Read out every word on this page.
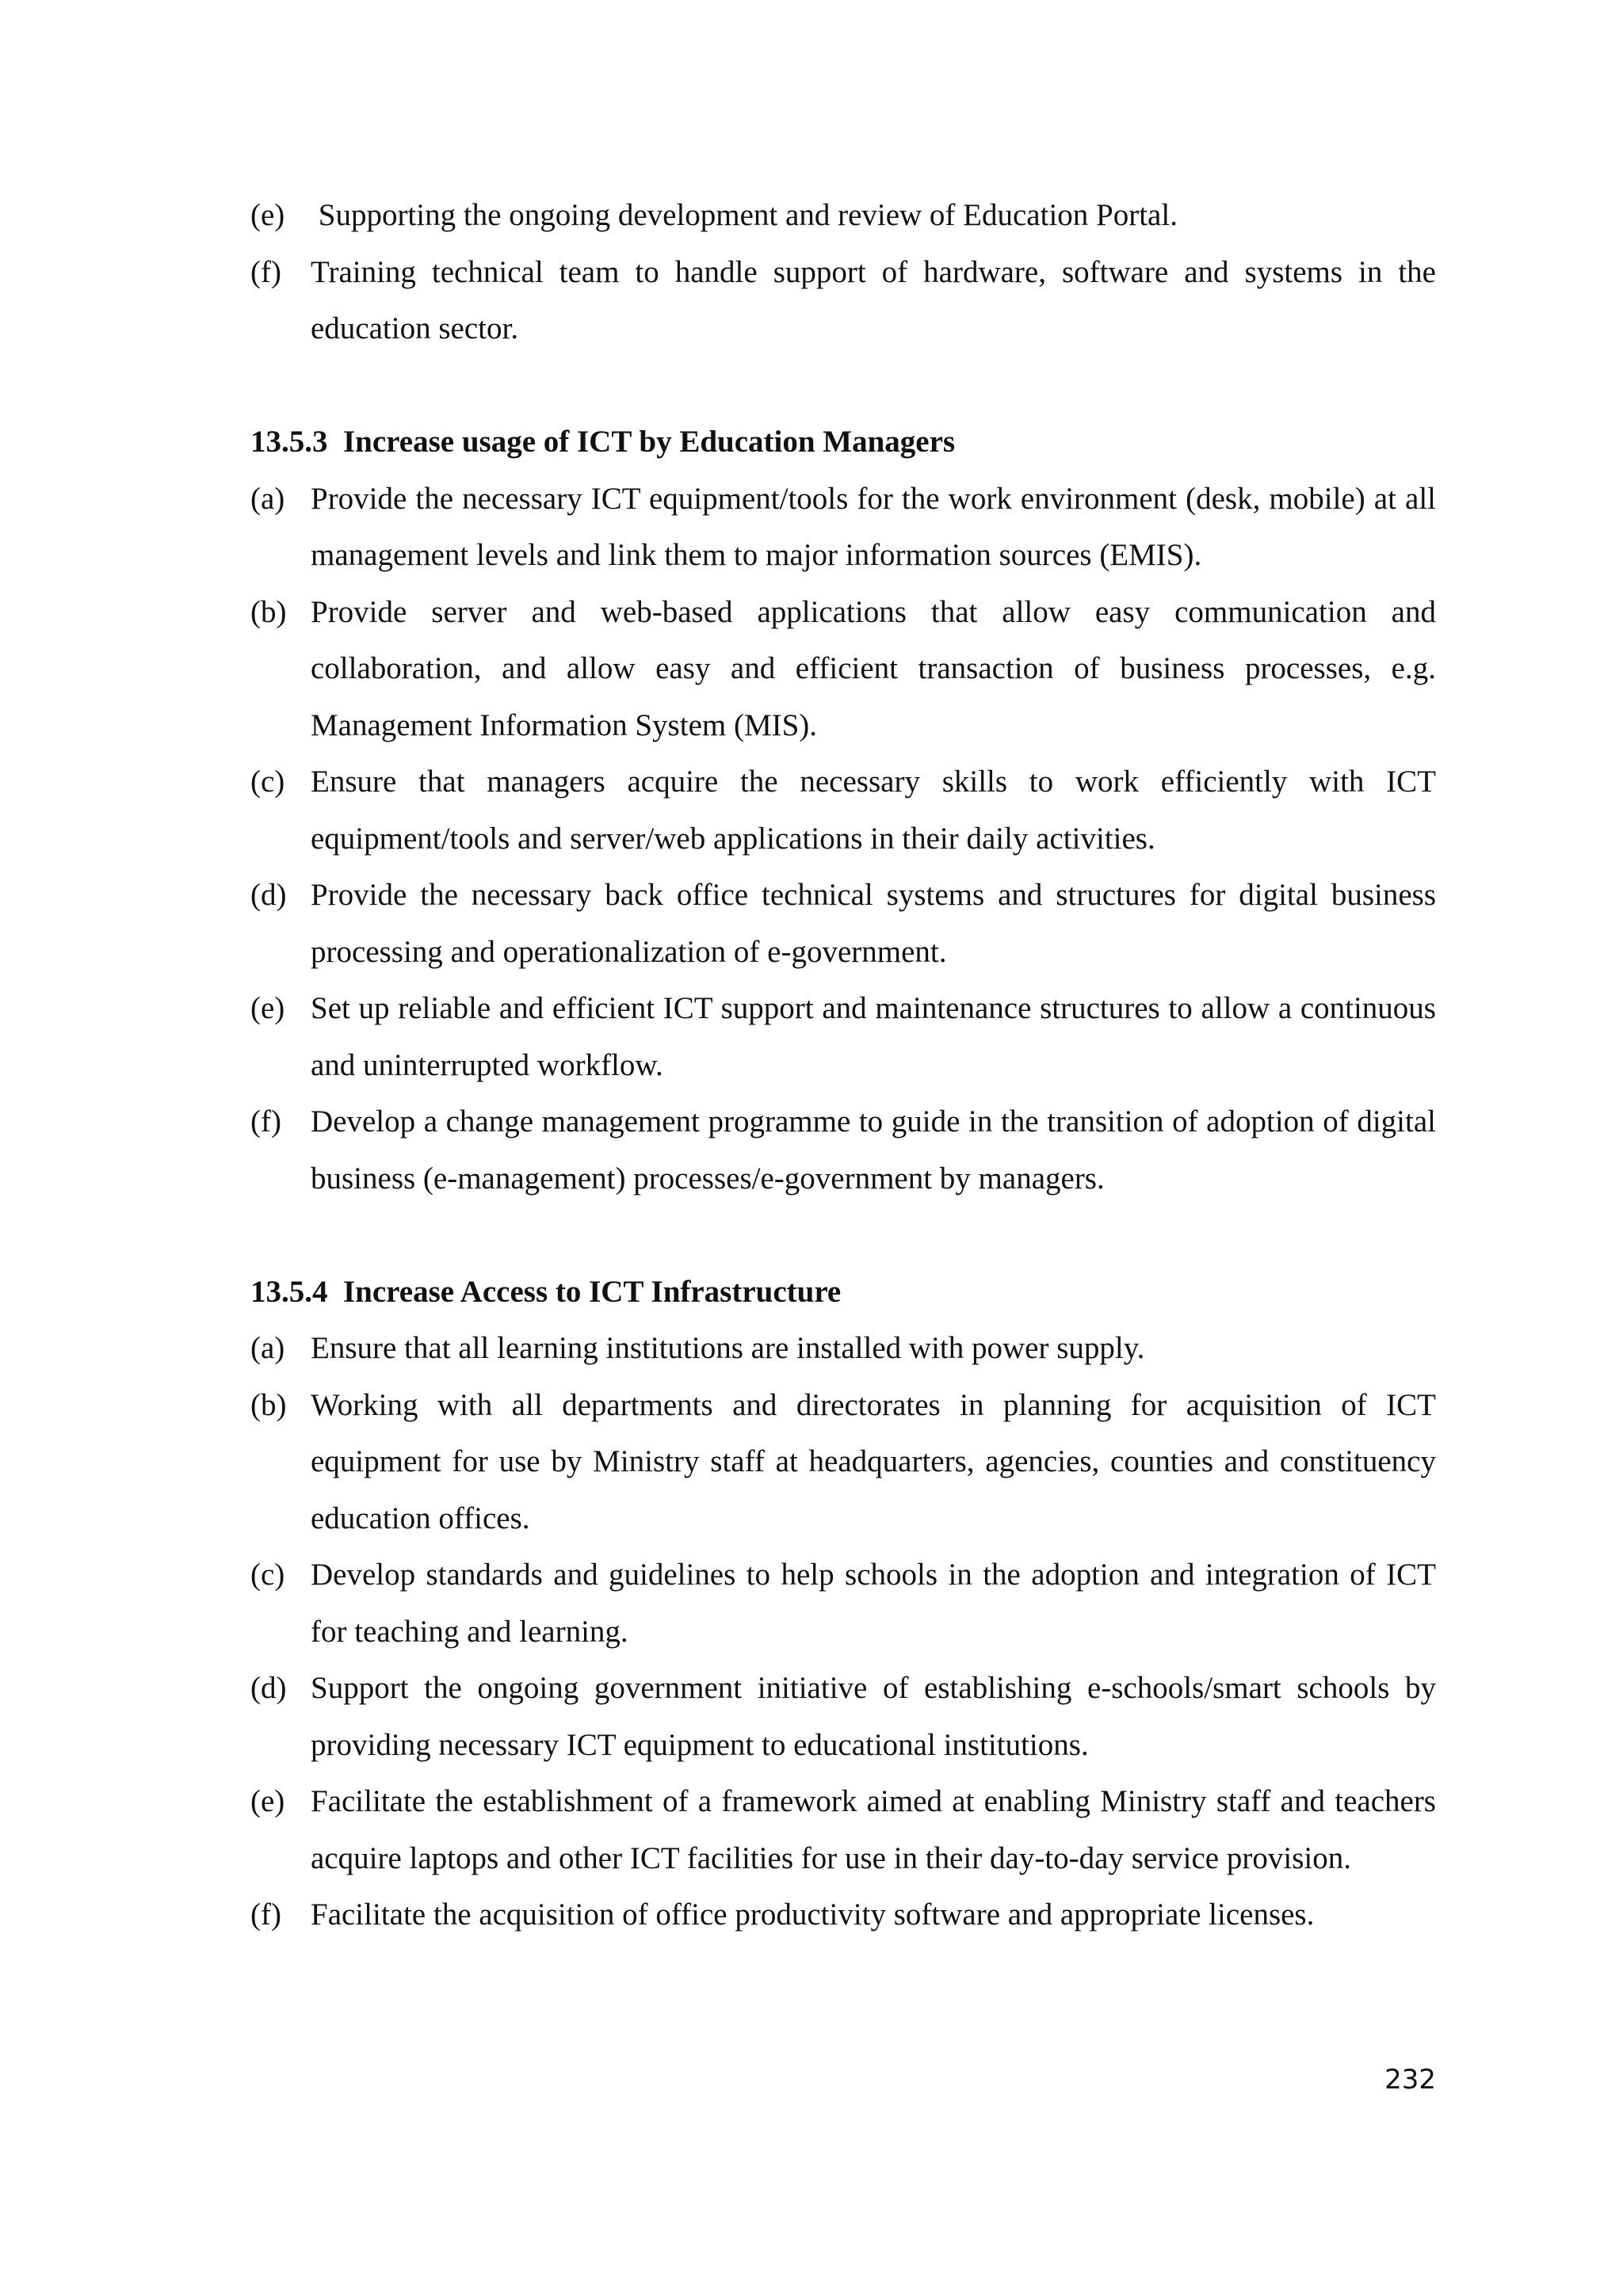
(e) Supporting the ongoing development and review of Education Portal.
(f) Training technical team to handle support of hardware, software and systems in the education sector.
13.5.3  Increase usage of ICT by Education Managers
(a) Provide the necessary ICT equipment/tools for the work environment (desk, mobile) at all management levels and link them to major information sources (EMIS).
(b) Provide server and web-based applications that allow easy communication and collaboration, and allow easy and efficient transaction of business processes, e.g. Management Information System (MIS).
(c) Ensure that managers acquire the necessary skills to work efficiently with ICT equipment/tools and server/web applications in their daily activities.
(d) Provide the necessary back office technical systems and structures for digital business processing and operationalization of e-government.
(e) Set up reliable and efficient ICT support and maintenance structures to allow a continuous and uninterrupted workflow.
(f) Develop a change management programme to guide in the transition of adoption of digital business (e-management) processes/e-government by managers.
13.5.4  Increase Access to ICT Infrastructure
(a) Ensure that all learning institutions are installed with power supply.
(b) Working with all departments and directorates in planning for acquisition of ICT equipment for use by Ministry staff at headquarters, agencies, counties and constituency education offices.
(c) Develop standards and guidelines to help schools in the adoption and integration of ICT for teaching and learning.
(d) Support the ongoing government initiative of establishing e-schools/smart schools by providing necessary ICT equipment to educational institutions.
(e) Facilitate the establishment of a framework aimed at enabling Ministry staff and teachers acquire laptops and other ICT facilities for use in their day-to-day service provision.
(f) Facilitate the acquisition of office productivity software and appropriate licenses.
232
